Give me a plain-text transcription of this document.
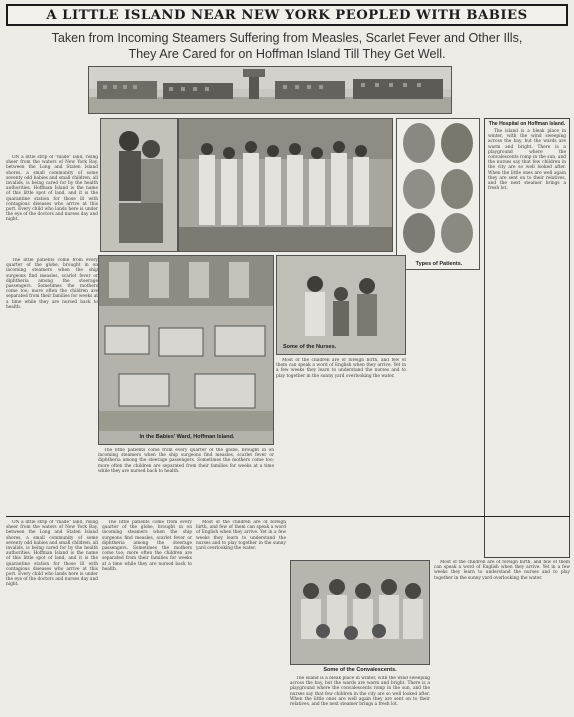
A LITTLE ISLAND NEAR NEW YORK PEOPLED WITH BABIES
Taken from Incoming Steamers Suffering from Measles, Scarlet Fever and Other Ills,
They Are Cared for on Hoffman Island Till They Get Well.

ON a little strip of "made" land, rising sheer from the waters of New York Bay, between the Long and Staten Island shores, a small community of some seventy odd babies and small children, all invalids, is being cared for by the health authorities. Hoffman Island is the name of this little spot of land, and it is the quarantine station for those ill with contagious diseases who arrive at this port. Every child who lands here is under the eye of the doctors and nurses day and night.

The little patients come from every quarter of the globe, brought in on incoming steamers when the ship surgeons find measles, scarlet fever or diphtheria among the steerage passengers. Sometimes the mothers come too; more often the children are separated from their families for weeks at a time while they are nursed back to health.

Types of Patients.
The Hospital on Hoffman Island.

The island is a bleak place in winter, with the wind sweeping across the bay, but the wards are warm and bright. There is a playground where the convalescents romp in the sun, and the nurses say that few children in the city are so well looked after. When the little ones are well again they are sent on to their relatives, and the next steamer brings a fresh lot.

In the Babies' Ward, Hoffman Island.
Some of the Nurses.

Most of the children are of foreign birth, and few of them can speak a word of English when they arrive. Yet in a few weeks they learn to understand the nurses and to play together in the sunny yard overlooking the water.

The little patients come from every quarter of the globe, brought in on incoming steamers when the ship surgeons find measles, scarlet fever or diphtheria among the steerage passengers. Sometimes the mothers come too; more often the children are separated from their families for weeks at a time while they are nursed back to health.

Some of the Convalescents.

ON a little strip of "made" land, rising sheer from the waters of New York Bay, between the Long and Staten Island shores, a small community of some seventy odd babies and small children, all invalids, is being cared for by the health authorities. Hoffman Island is the name of this little spot of land, and it is the quarantine station for those ill with contagious diseases who arrive at this port. Every child who lands here is under the eye of the doctors and nurses day and night.

The little patients come from every quarter of the globe, brought in on incoming steamers when the ship surgeons find measles, scarlet fever or diphtheria among the steerage passengers. Sometimes the mothers come too; more often the children are separated from their families for weeks at a time while they are nursed back to health.

Most of the children are of foreign birth, and few of them can speak a word of English when they arrive. Yet in a few weeks they learn to understand the nurses and to play together in the sunny yard overlooking the water.

The island is a bleak place in winter, with the wind sweeping across the bay, but the wards are warm and bright. There is a playground where the convalescents romp in the sun, and the nurses say that few children in the city are so well looked after. When the little ones are well again they are sent on to their relatives, and the next steamer brings a fresh lot.

Most of the children are of foreign birth, and few of them can speak a word of English when they arrive. Yet in a few weeks they learn to understand the nurses and to play together in the sunny yard overlooking the water.
